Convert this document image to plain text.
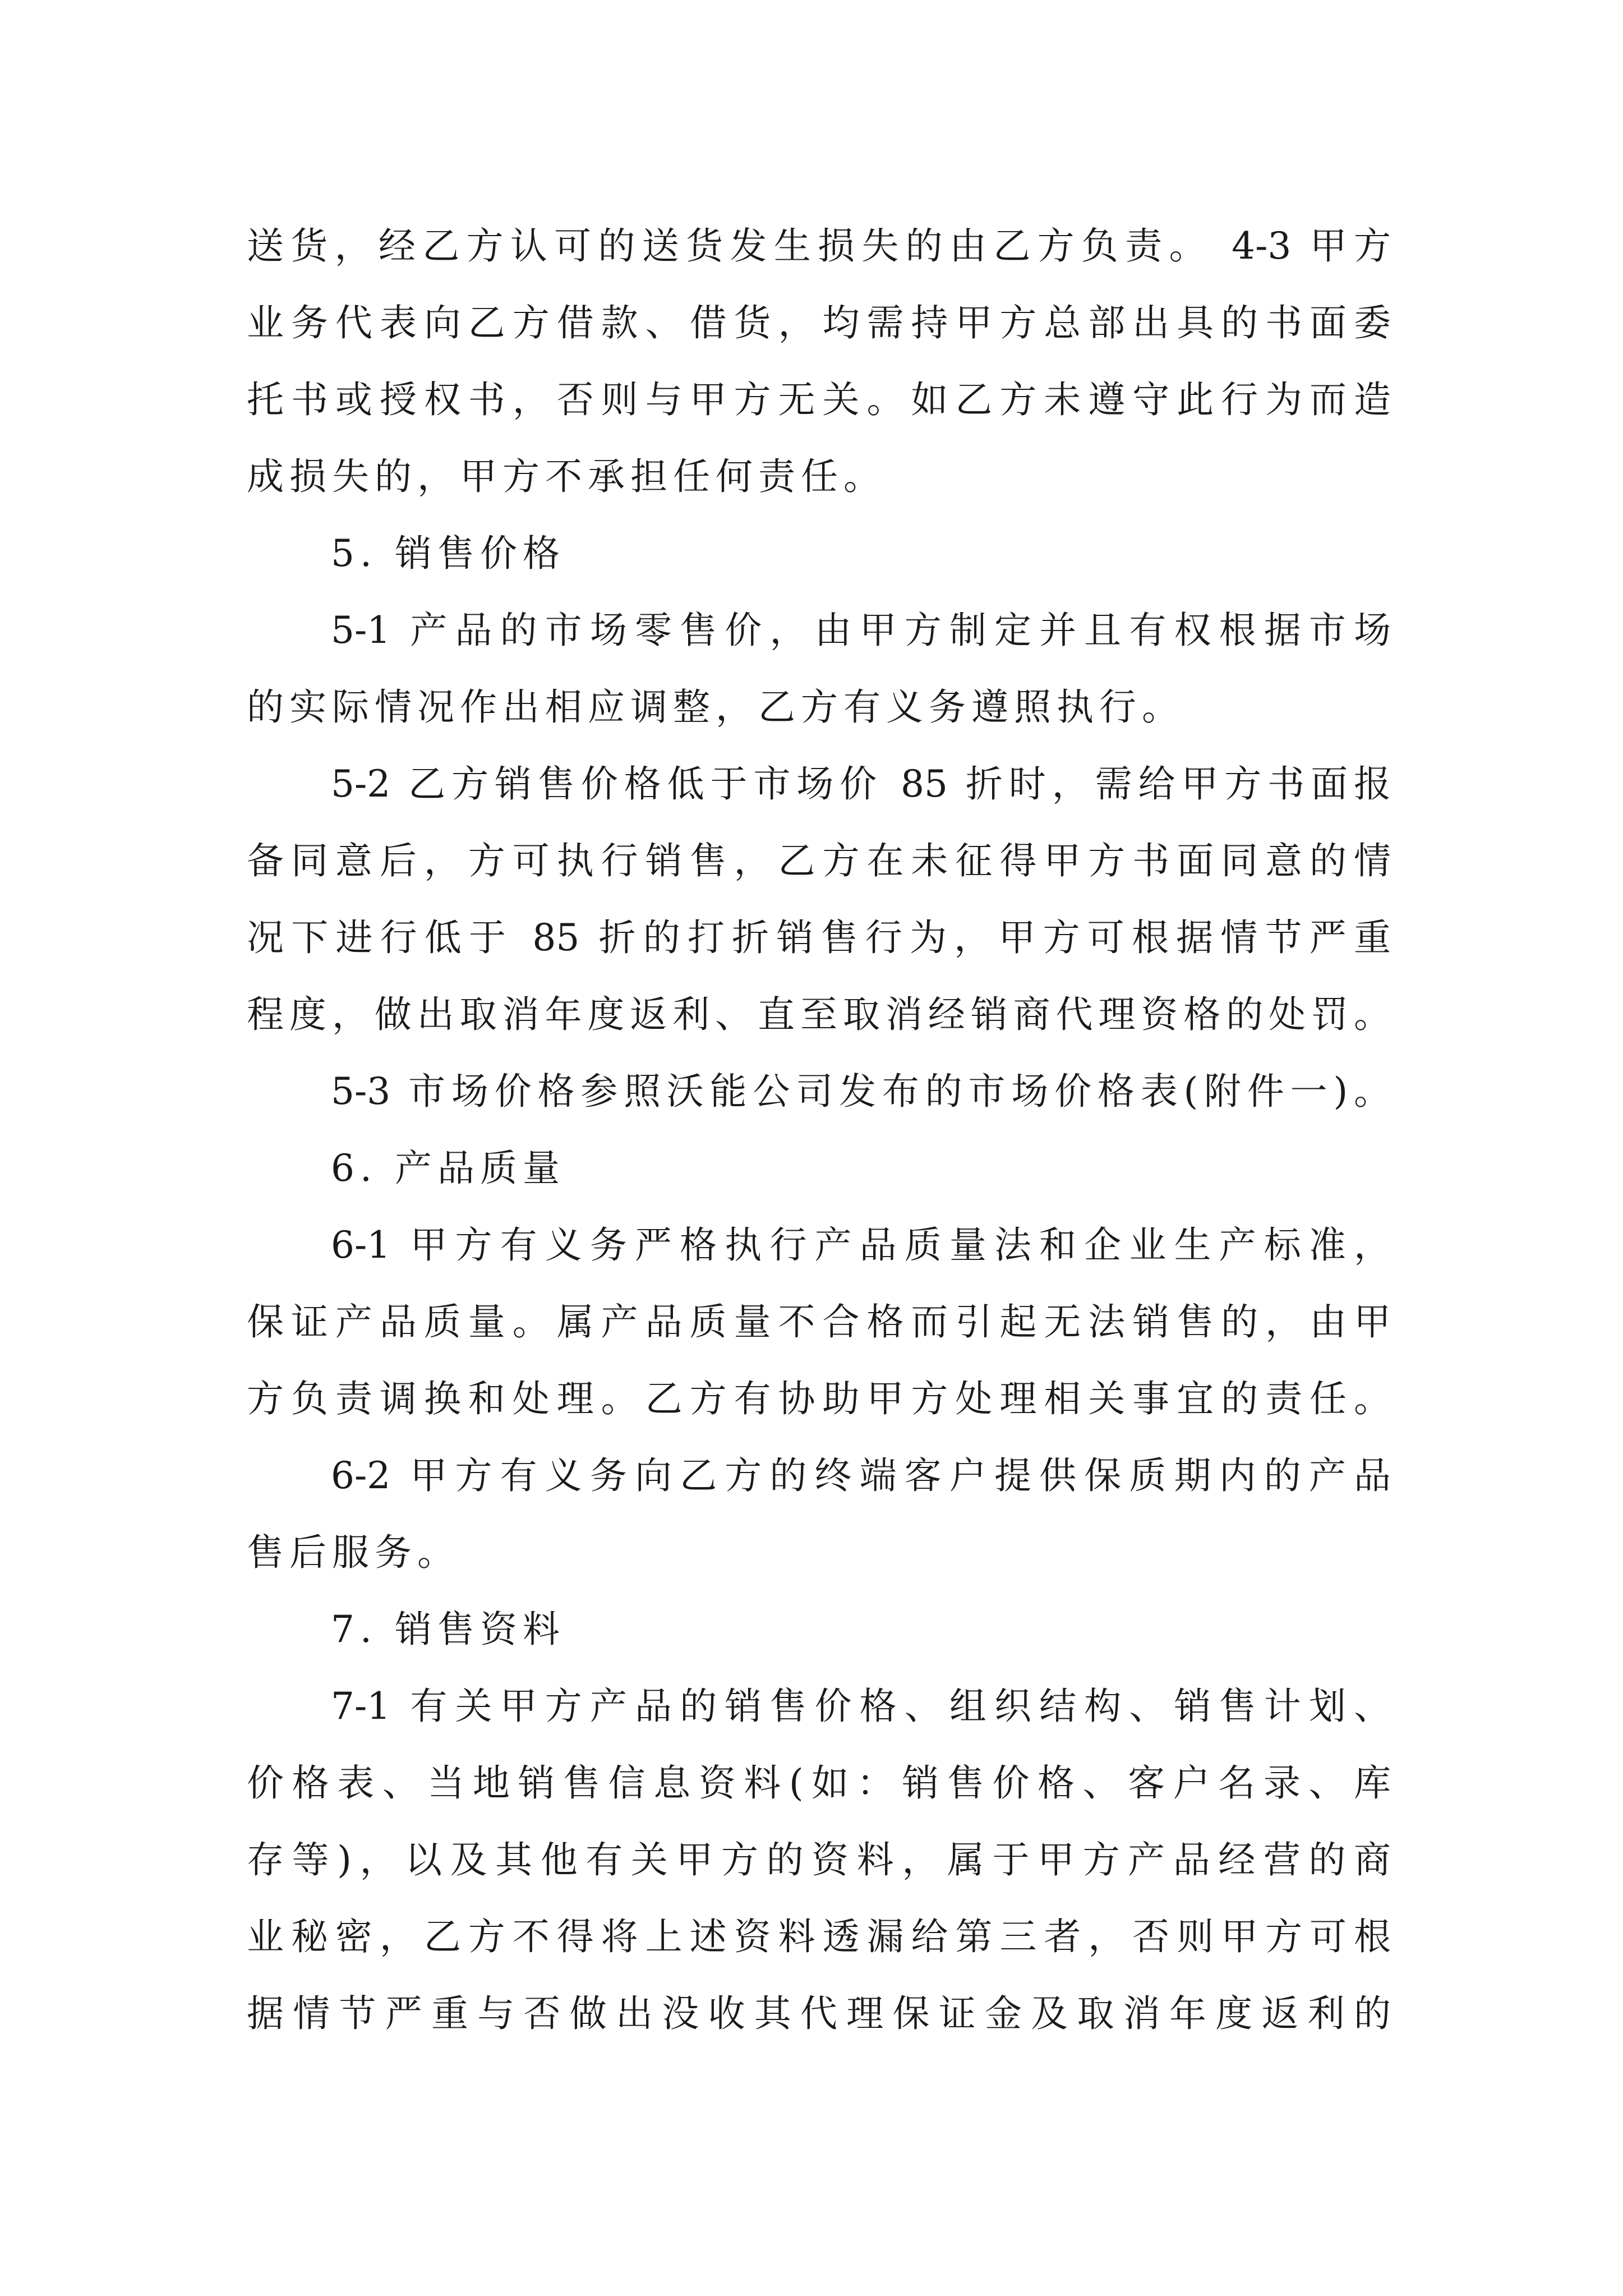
送货，经乙方认可的送货发生损失的由乙方负责。 4-3 甲方
业务代表向乙方借款、借货，均需持甲方总部出具的书面委
托书或授权书，否则与甲方无关。如乙方未遵守此行为而造
成损失的，甲方不承担任何责任。
5. 销售价格
5-1 产品的市场零售价，由甲方制定并且有权根据市场
的实际情况作出相应调整，乙方有义务遵照执行。
5-2 乙方销售价格低于市场价 85 折时，需给甲方书面报
备同意后，方可执行销售，乙方在未征得甲方书面同意的情
况下进行低于 85 折的打折销售行为，甲方可根据情节严重
程度，做出取消年度返利、直至取消经销商代理资格的处罚。
5-3 市场价格参照沃能公司发布的市场价格表(附件一)。
6. 产品质量
6-1 甲方有义务严格执行产品质量法和企业生产标准，
保证产品质量。属产品质量不合格而引起无法销售的，由甲
方负责调换和处理。乙方有协助甲方处理相关事宜的责任。
6-2 甲方有义务向乙方的终端客户提供保质期内的产品
售后服务。
7. 销售资料
7-1 有关甲方产品的销售价格、组织结构、销售计划、
价格表、当地销售信息资料(如：销售价格、客户名录、库
存等)，以及其他有关甲方的资料，属于甲方产品经营的商
业秘密，乙方不得将上述资料透漏给第三者，否则甲方可根
据情节严重与否做出没收其代理保证金及取消年度返利的
